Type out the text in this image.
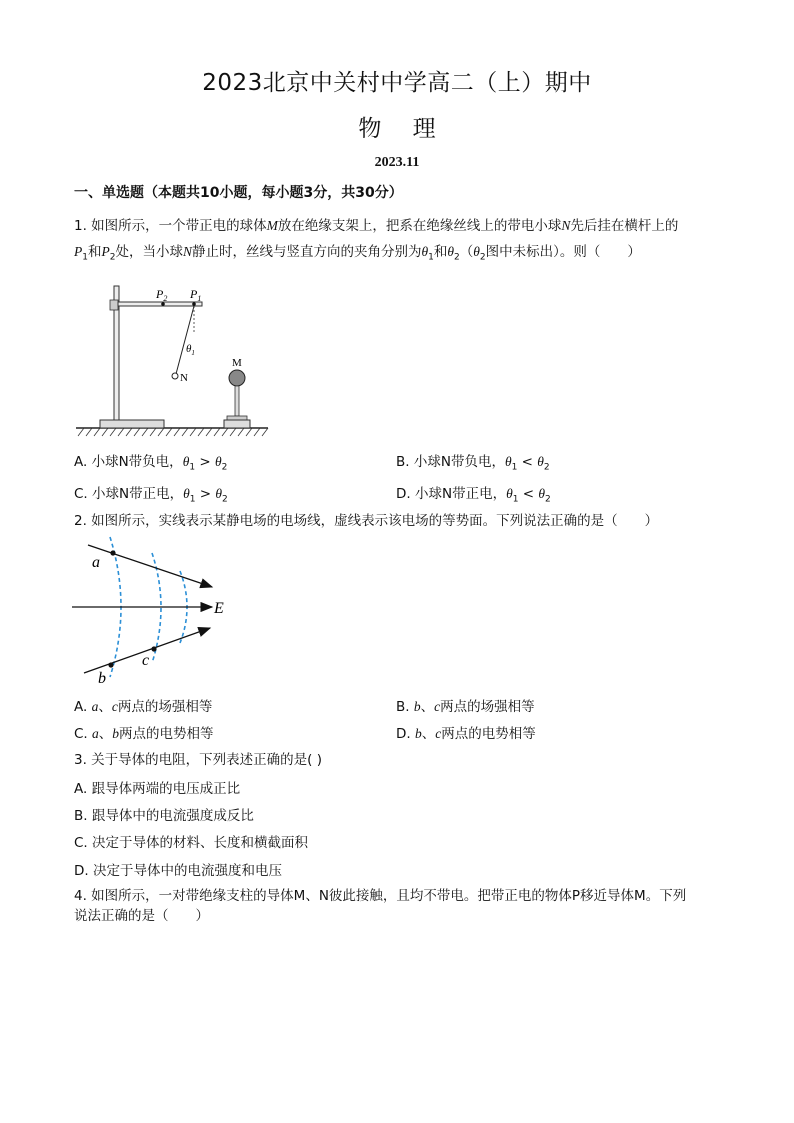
2023北京中关村中学高二（上）期中
物 理
2023.11
一、单选题（本题共10小题，每小题3分，共30分）
1. 如图所示，一个带正电的球体M放在绝缘支架上，把系在绝缘丝线上的带电小球N先后挂在横杆上的
$P_1$和$P_2$处，当小球N静止时，丝线与竖直方向的夹角分别为$\theta_1$和$\theta_2(\theta_2$图中未标出）。则（　　）
$P_2$ $P_1$
$\theta_1$
N
M
A. 小球N带负电，$\theta_1 > \theta_2$	B. 小球N带负电，$\theta_1 < \theta_2$
C. 小球N带正电，$\theta_1 > \theta_2$	D. 小球N带正电，$\theta_1 < \theta_2$
2. 如图所示，实线表示某静电场的电场线，虚线表示该电场的等势面。下列说法正确的是（　　）
a
b
c
E
A. a、c两点的场强相等	B. b、c两点的场强相等
C. a、b两点的电势相等	D. b、c两点的电势相等
3. 关于导体的电阻，下列表述正确的是( )
A. 跟导体两端的电压成正比
B. 跟导体中的电流强度成反比
C. 决定于导体的材料、长度和横截面积
D. 决定于导体中的电流强度和电压
4. 如图所示，一对带绝缘支柱的导体M、N彼此接触，且均不带电。把带正电的物体P移近导体M。下列
说法正确的是（　　）
